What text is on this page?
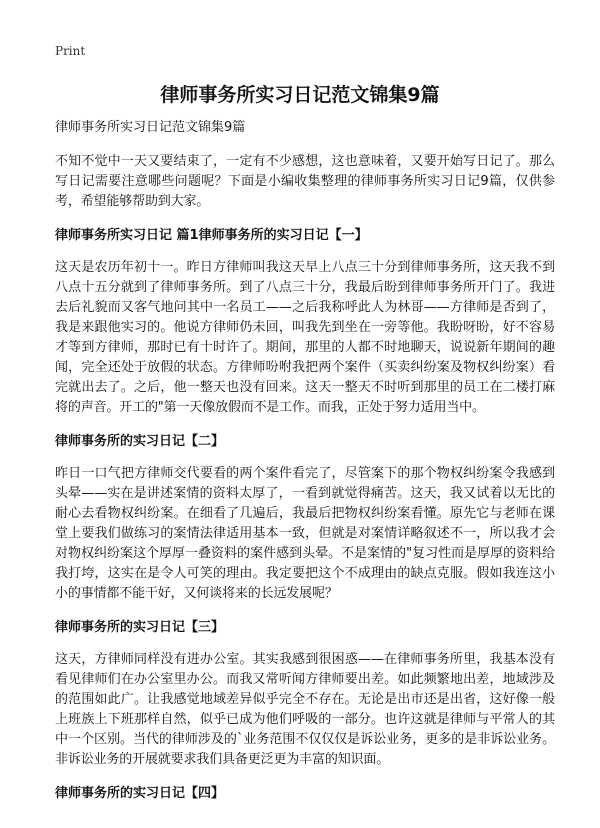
Print
律师事务所实习日记范文锦集9篇
律师事务所实习日记范文锦集9篇

不知不觉中一天又要结束了，一定有不少感想，这也意味着，又要开始写日记了。那么写日记需要注意哪些问题呢？下面是小编收集整理的律师事务所实习日记9篇，仅供参考，希望能够帮助到大家。

律师事务所实习日记 篇1律师事务所的实习日记【一】

这天是农历年初十一。昨日方律师叫我这天早上八点三十分到律师事务所，这天我不到八点十五分就到了律师事务所。到了八点三十分，我最后盼到律师事务所开门了。我进去后礼貌而又客气地问其中一名员工——之后我称呼此人为林哥——方律师是否到了，我是来跟他实习的。他说方律师仍未回，叫我先到坐在一旁等他。我盼呀盼，好不容易才等到方律师，那时已有十时许了。期间，那里的人都不时地聊天，说说新年期间的趣闻，完全还处于放假的状态。方律师吩咐我把两个案件（买卖纠纷案及物权纠纷案）看完就出去了。之后，他一整天也没有回来。这天一整天不时听到那里的员工在二楼打麻将的声音。开工的"第一天像放假而不是工作。而我，正处于努力适用当中。

律师事务所的实习日记【二】

昨日一口气把方律师交代要看的两个案件看完了，尽管案下的那个物权纠纷案令我感到头晕——实在是讲述案情的资料太厚了，一看到就觉得痛苦。这天，我又试着以无比的耐心去看物权纠纷案。在细看了几遍后，我最后把物权纠纷案看懂。原先它与老师在课堂上要我们做练习的案情法律适用基本一致，但就是对案情详略叙述不一，所以我才会对物权纠纷案这个厚厚一叠资料的案件感到头晕。不是案情的"复习性而是厚厚的资料给我打垮，这实在是令人可笑的理由。我定要把这个不成理由的缺点克服。假如我连这小小的事情都不能干好，又何谈将来的长远发展呢？

律师事务所的实习日记【三】

这天，方律师同样没有进办公室。其实我感到很困惑——在律师事务所里，我基本没有看见律师们在办公室里办公。而我又常听闻方律师要出差。如此频繁地出差，地域涉及的范围如此广。让我感觉地域差异似乎完全不存在。无论是出市还是出省，这好像一般上班族上下班那样自然，似乎已成为他们呼吸的一部分。也许这就是律师与平常人的其中一个区别。当代的律师涉及的`业务范围不仅仅仅是诉讼业务，更多的是非诉讼业务。非诉讼业务的开展就要求我们具备更泛更为丰富的知识面。

律师事务所的实习日记【四】
